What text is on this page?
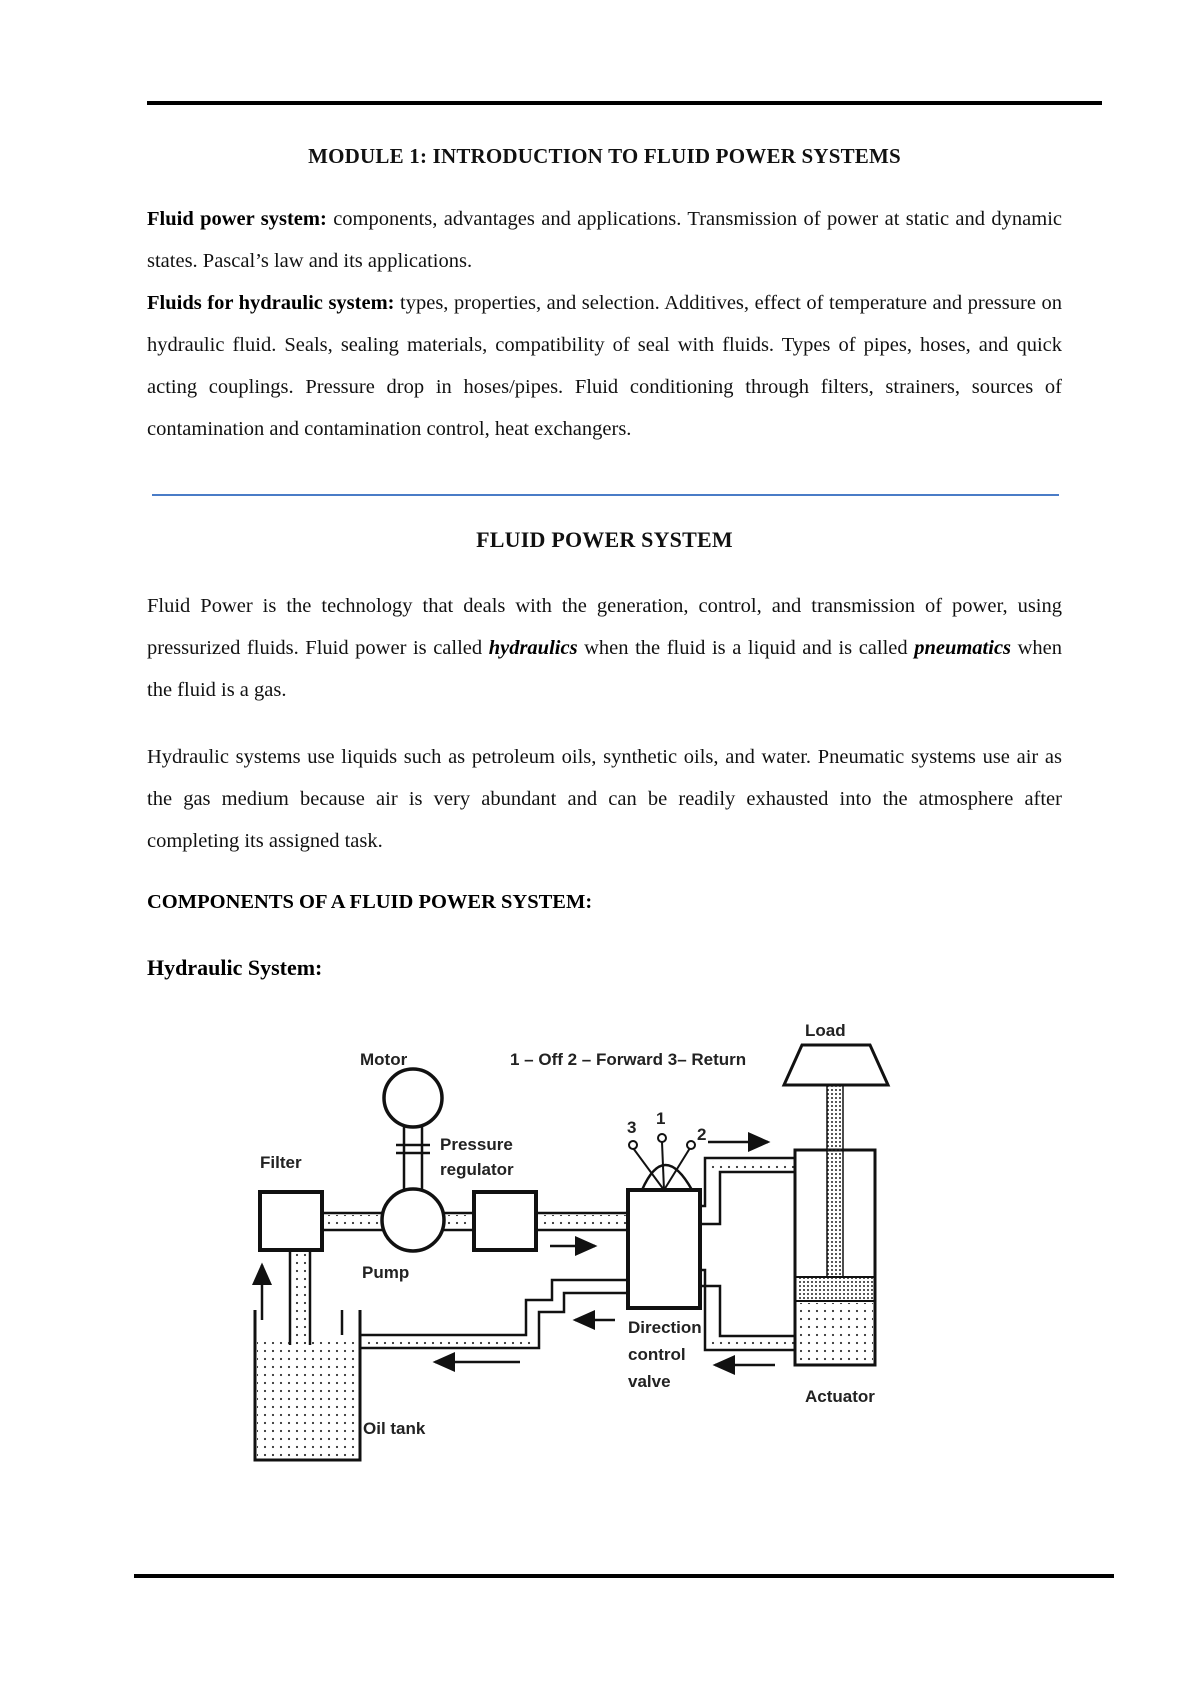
MODULE 1: INTRODUCTION TO FLUID POWER SYSTEMS

Fluid power system: components, advantages and applications. Transmission of power at static and dynamic states. Pascal’s law and its applications.

Fluids for hydraulic system: types, properties, and selection. Additives, effect of temperature and pressure on hydraulic fluid. Seals, sealing materials, compatibility of seal with fluids. Types of pipes, hoses, and quick acting couplings. Pressure drop in hoses/pipes. Fluid conditioning through filters, strainers, sources of contamination and contamination control, heat exchangers.

FLUID POWER SYSTEM

Fluid Power is the technology that deals with the generation, control, and transmission of power, using pressurized fluids. Fluid power is called hydraulics when the fluid is a liquid and is called pneumatics when the fluid is a gas.

Hydraulic systems use liquids such as petroleum oils, synthetic oils, and water. Pneumatic systems use air as the gas medium because air is very abundant and can be readily exhausted into the atmosphere after completing its assigned task.

COMPONENTS OF A FLUID POWER SYSTEM:
Hydraulic System:
Motor	1 – Off 2 – Forward 3– Return
Load
Filter
Pressure
regulator
Pump
Direction
control
valve
Actuator
Oil tank
1
2
3
